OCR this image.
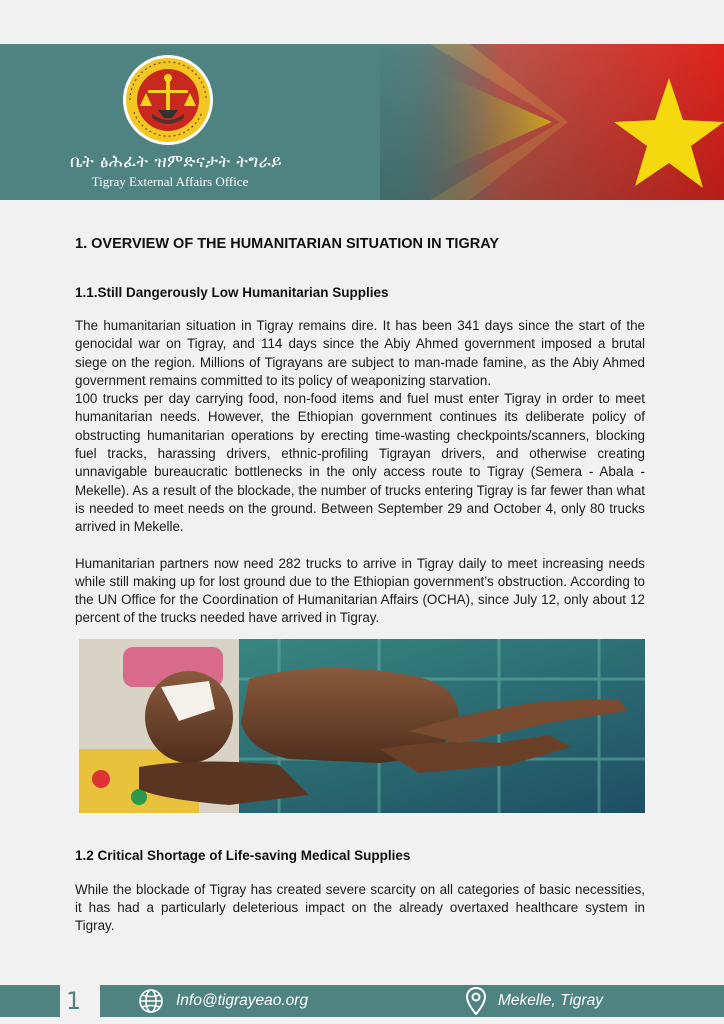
ቤት ፅሕፈት ዝምድናታት ትግራይ
Tigray External Affairs Office
1. OVERVIEW OF THE HUMANITARIAN SITUATION IN TIGRAY
1.1.Still Dangerously Low Humanitarian Supplies

The humanitarian situation in Tigray remains dire. It has been 341 days since the start of the genocidal war on Tigray, and 114 days since the Abiy Ahmed government imposed a brutal siege on the region. Millions of Tigrayans are subject to man-made famine, as the Abiy Ahmed government remains committed to its policy of weaponizing starvation.

100 trucks per day carrying food, non-food items and fuel must enter Tigray in order to meet humanitarian needs. However, the Ethiopian government continues its deliberate policy of obstructing humanitarian operations by erecting time-wasting checkpoints/scanners, blocking fuel tracks, harassing drivers, ethnic-profiling Tigrayan drivers, and otherwise creating unnavigable bureaucratic bottlenecks in the only access route to Tigray (Semera - Abala - Mekelle). As a result of the blockade, the number of trucks entering Tigray is far fewer than what is needed to meet needs on the ground. Between September 29 and October 4, only 80 trucks arrived in Mekelle.

Humanitarian partners now need 282 trucks to arrive in Tigray daily to meet increasing needs while still making up for lost ground due to the Ethiopian government’s obstruction. According to the UN Office for the Coordination of Humanitarian Affairs (OCHA), since July 12, only about 12 percent of the trucks needed have arrived in Tigray.

1.2 Critical Shortage of Life-saving Medical Supplies

While the blockade of Tigray has created severe scarcity on all categories of basic necessities, it has had a particularly deleterious impact on the already overtaxed healthcare system in Tigray.

1	Info@tigrayeao.org	Mekelle, Tigray
